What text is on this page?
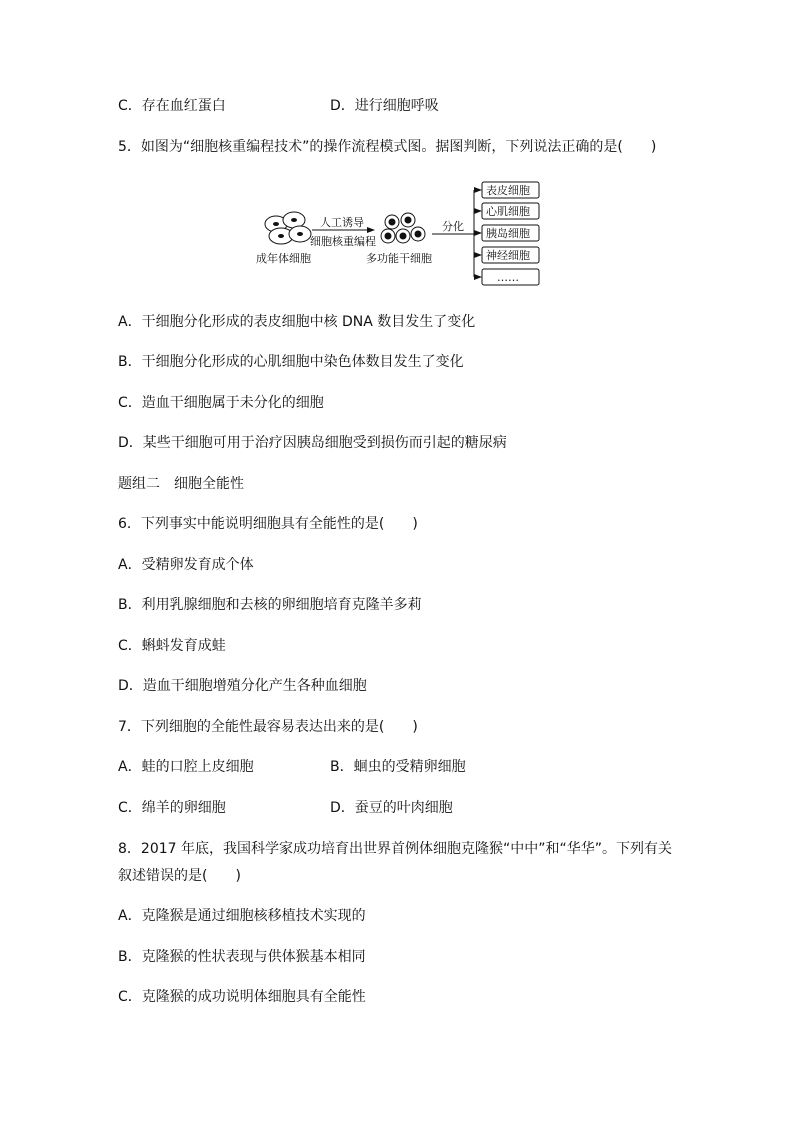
C．存在血红蛋白	D．进行细胞呼吸
5．如图为“细胞核重编程技术”的操作流程模式图。据图判断，下列说法正确的是(　　)
成年体细胞
人工诱导
细胞核重编程
多功能干细胞
分化
表皮细胞
心肌细胞
胰岛细胞
神经细胞
……
A．干细胞分化形成的表皮细胞中核 DNA 数目发生了变化
B．干细胞分化形成的心肌细胞中染色体数目发生了变化
C．造血干细胞属于未分化的细胞
D．某些干细胞可用于治疗因胰岛细胞受到损伤而引起的糖尿病
题组二　细胞全能性
6．下列事实中能说明细胞具有全能性的是(　　)
A．受精卵发育成个体
B．利用乳腺细胞和去核的卵细胞培育克隆羊多莉
C．蝌蚪发育成蛙
D．造血干细胞增殖分化产生各种血细胞
7．下列细胞的全能性最容易表达出来的是(　　)
A．蛙的口腔上皮细胞	B．蛔虫的受精卵细胞
C．绵羊的卵细胞	D．蚕豆的叶肉细胞
8．2017 年底，我国科学家成功培育出世界首例体细胞克隆猴“中中”和“华华”。下列有关
叙述错误的是(　　)
A．克隆猴是通过细胞核移植技术实现的
B．克隆猴的性状表现与供体猴基本相同
C．克隆猴的成功说明体细胞具有全能性
